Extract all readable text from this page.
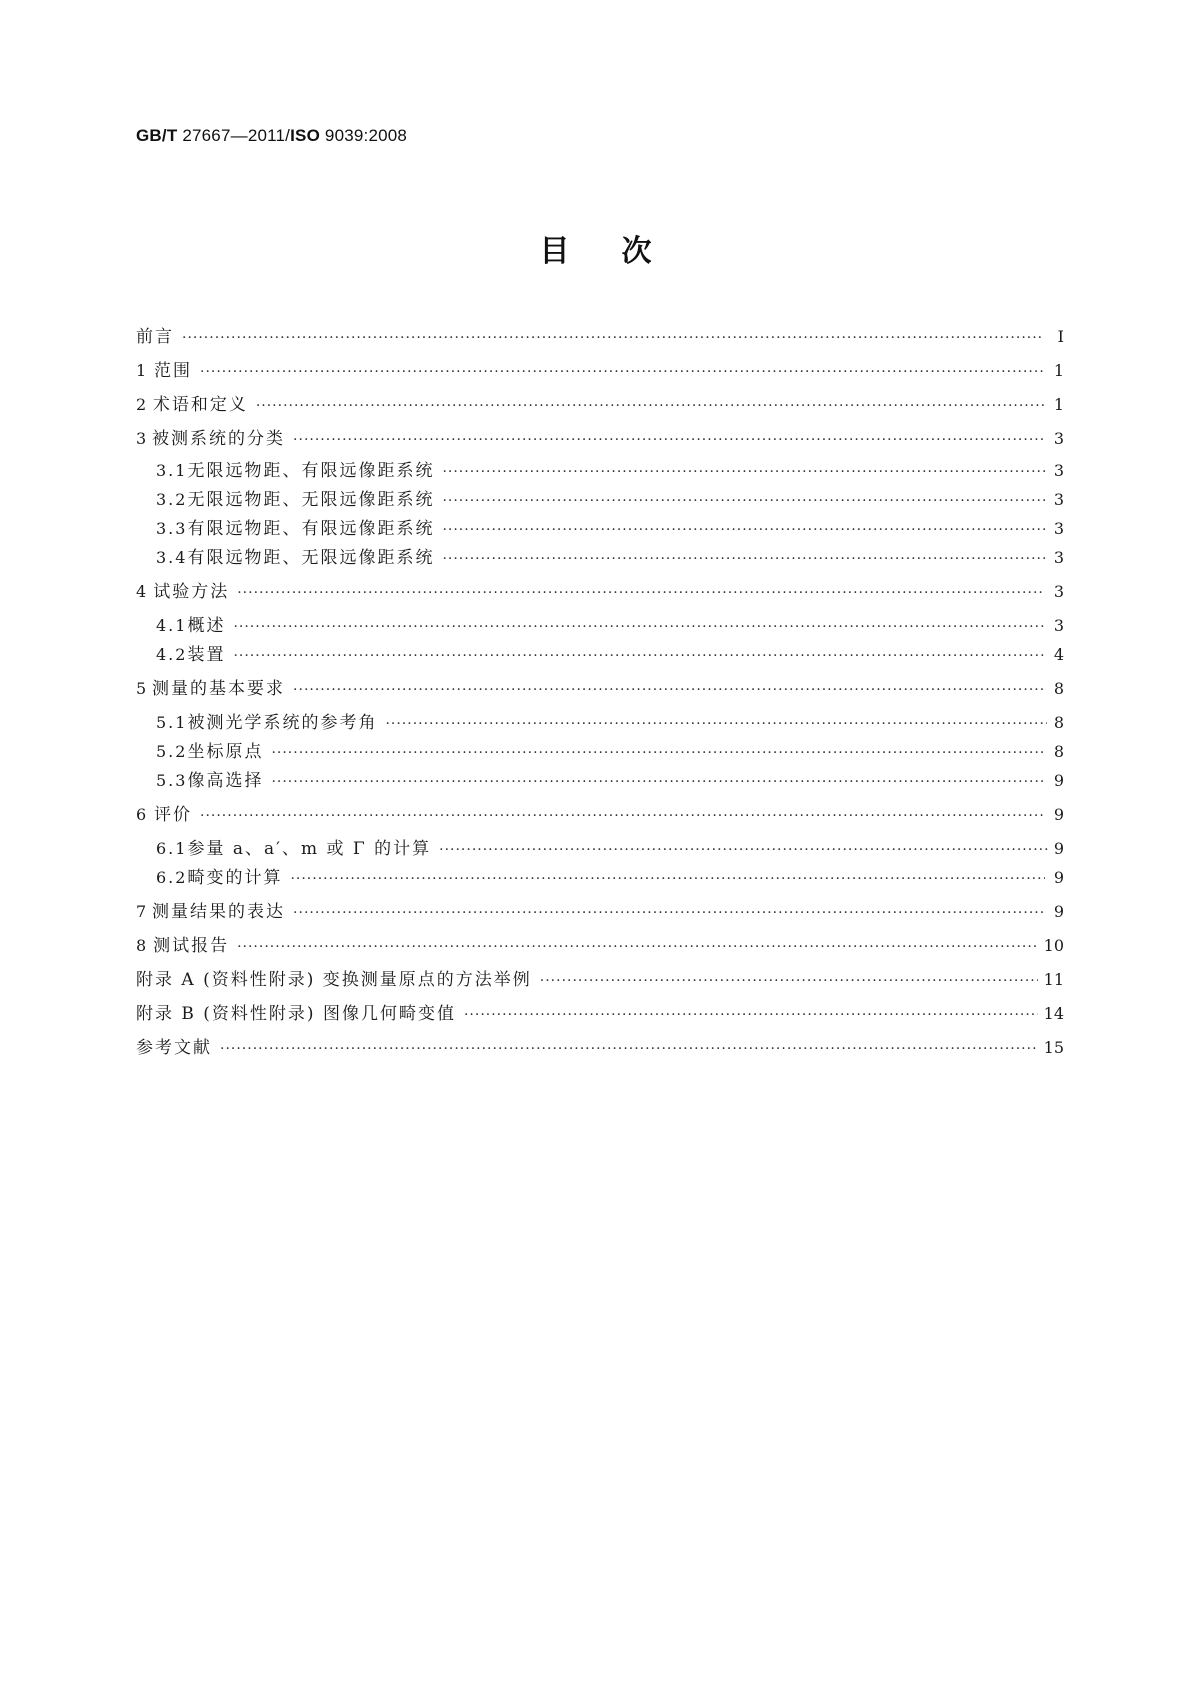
GB/T 27667—2011/ISO 9039:2008
目次
前言 ·····	Ⅰ
1 范围 ·····	1
2 术语和定义 ·····	1
3 被测系统的分类 ·····	3
3.1 无限远物距、有限远像距系统 ·····	3
3.2 无限远物距、无限远像距系统 ·····	3
3.3 有限远物距、有限远像距系统 ·····	3
3.4 有限远物距、无限远像距系统 ·····	3
4 试验方法 ·····	3
4.1 概述 ·····	3
4.2 装置 ·····	4
5 测量的基本要求 ·····	8
5.1 被测光学系统的参考角 ·····	8
5.2 坐标原点 ·····	8
5.3 像高选择 ·····	9
6 评价 ·····	9
6.1 参量 a、a′、m 或 Γ 的计算 ·····	9
6.2 畸变的计算 ·····	9
7 测量结果的表达 ·····	9
8 测试报告 ·····	10
附录 A (资料性附录) 变换测量原点的方法举例 ·····	11
附录 B (资料性附录) 图像几何畸变值 ·····	14
参考文献 ·····	15
